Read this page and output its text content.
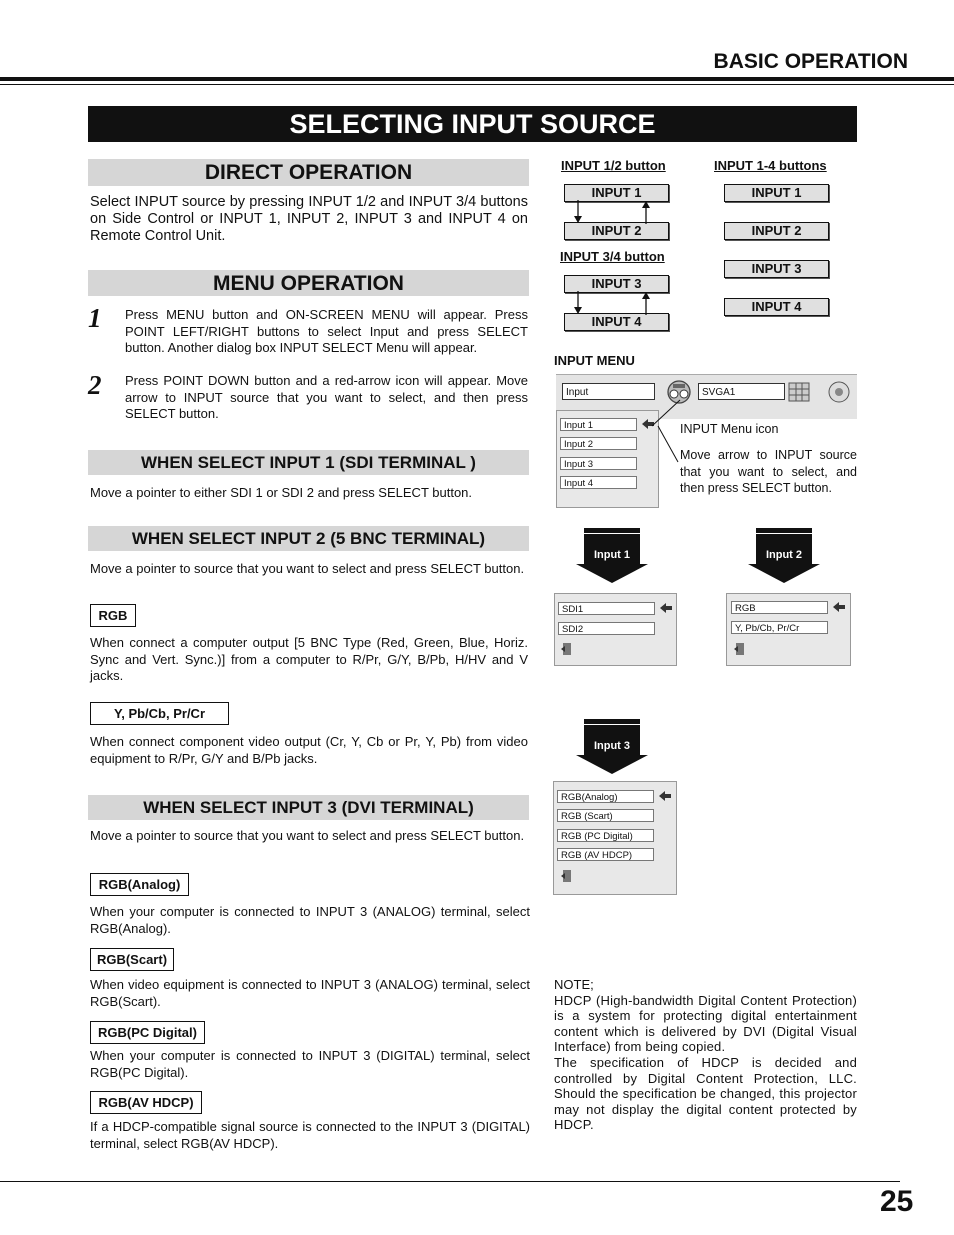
BASIC OPERATION
SELECTING INPUT SOURCE
DIRECT OPERATION
Select INPUT source by pressing INPUT 1/2 and INPUT 3/4 buttons on Side Control or INPUT 1, INPUT 2, INPUT 3 and INPUT 4 on Remote Control Unit.
MENU OPERATION
1 Press MENU button and ON-SCREEN MENU will appear. Press POINT LEFT/RIGHT buttons to select Input and press SELECT button. Another dialog box INPUT SELECT Menu will appear.
2 Press POINT DOWN button and a red-arrow icon will appear. Move arrow to INPUT source that you want to select, and then press SELECT button.
WHEN SELECT INPUT 1 (SDI TERMINAL )
Move a pointer to either SDI 1 or SDI 2 and press SELECT button.
WHEN SELECT INPUT 2 (5 BNC TERMINAL)
Move a pointer to source that you want to select and press SELECT button.
RGB
When connect a computer output [5 BNC Type (Red, Green, Blue, Horiz. Sync and Vert. Sync.)] from a computer to R/Pr, G/Y, B/Pb, H/HV and V jacks.
Y, Pb/Cb, Pr/Cr
When connect component video output (Cr, Y, Cb or Pr, Y, Pb) from video equipment to R/Pr, G/Y and B/Pb jacks.
WHEN SELECT INPUT 3 (DVI TERMINAL)
Move a pointer to source that you want to select and press SELECT button.
RGB(Analog)
When your computer is connected to INPUT 3 (ANALOG) terminal, select RGB(Analog).
RGB(Scart)
When video equipment is connected to INPUT 3 (ANALOG) terminal, select RGB(Scart).
RGB(PC Digital)
When your computer is connected to INPUT 3 (DIGITAL) terminal, select RGB(PC Digital).
RGB(AV HDCP)
If a HDCP-compatible signal source is connected to the INPUT 3 (DIGITAL) terminal, select RGB(AV HDCP).
INPUT 1/2 button	INPUT 1-4 buttons
INPUT 1
INPUT 2
INPUT 3/4 button
INPUT 3
INPUT 4
INPUT 1
INPUT 2
INPUT 3
INPUT 4
INPUT MENU
Input	SVGA1
Input 1
Input 2
Input 3
Input 4
INPUT Menu icon
Move arrow to INPUT source that you want to select, and then press SELECT button.
Input 1	Input 2
SDI1
SDI2
RGB
Y, Pb/Cb, Pr/Cr
Input 3
RGB(Analog)
RGB (Scart)
RGB (PC Digital)
RGB (AV HDCP)
NOTE;
HDCP (High-bandwidth Digital Content Protection) is a system for protecting digital entertainment content which is delivered by DVI (Digital Visual Interface) from being copied.
The specification of HDCP is decided and controlled by Digital Content Protection, LLC. Should the specification be changed, this projector may not display the digital content protected by HDCP.
25
